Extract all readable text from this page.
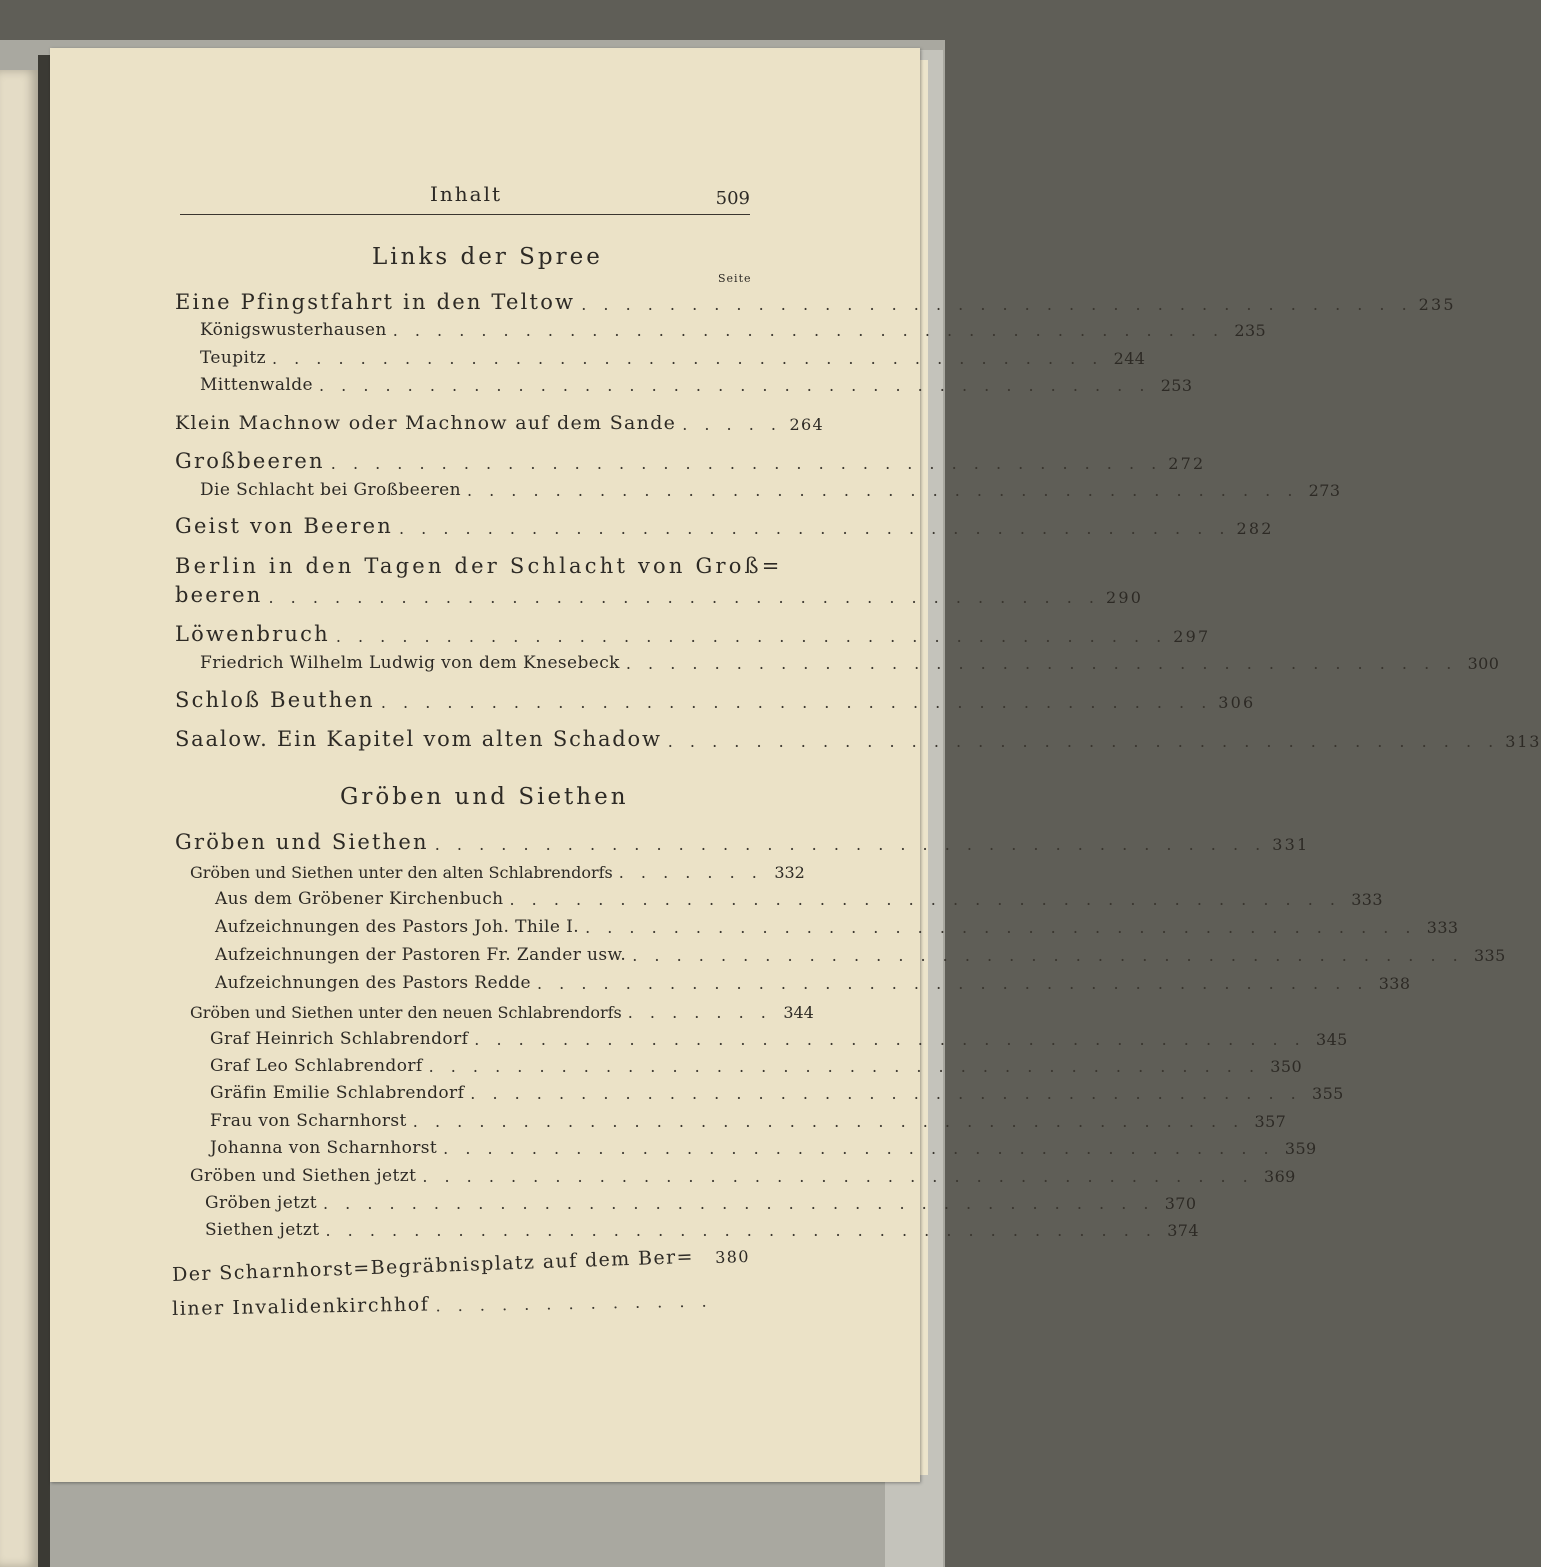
Inhalt	509
Links der Spree
Seite
Eine Pfingstfahrt in den Teltow . . . . . . . . . . . . . . . . . . . . . . . . . . . . . . . . . . . . . . 235
Königswusterhausen . . . . . . . . . . . . . . . . . . . . . . . . . . . . . . . . . . . . . . 235
Teupitz . . . . . . . . . . . . . . . . . . . . . . . . . . . . . . . . . . . . . . 244
Mittenwalde . . . . . . . . . . . . . . . . . . . . . . . . . . . . . . . . . . . . . . 253
Klein Machnow oder Machnow auf dem Sande . . . . . 264
Großbeeren . . . . . . . . . . . . . . . . . . . . . . . . . . . . . . . . . . . . . . 272
Die Schlacht bei Großbeeren . . . . . . . . . . . . . . . . . . . . . . . . . . . . . . . . . . . . . . 273
Geist von Beeren . . . . . . . . . . . . . . . . . . . . . . . . . . . . . . . . . . . . . . 282
Berlin in den Tagen der Schlacht von Groß=
beeren . . . . . . . . . . . . . . . . . . . . . . . . . . . . . . . . . . . . . . 290
Löwenbruch . . . . . . . . . . . . . . . . . . . . . . . . . . . . . . . . . . . . . . 297
Friedrich Wilhelm Ludwig von dem Knesebeck . . . . . . . . . . . . . . . . . . . . . . . . . . . . . . . . . . . . . . 300
Schloß Beuthen . . . . . . . . . . . . . . . . . . . . . . . . . . . . . . . . . . . . . . 306
Saalow. Ein Kapitel vom alten Schadow . . . . . . . . . . . . . . . . . . . . . . . . . . . . . . . . . . . . . . 313
Gröben und Siethen
Gröben und Siethen . . . . . . . . . . . . . . . . . . . . . . . . . . . . . . . . . . . . . . 331
Gröben und Siethen unter den alten Schlabrendorfs . . . . . . . 332
Aus dem Gröbener Kirchenbuch . . . . . . . . . . . . . . . . . . . . . . . . . . . . . . . . . . . . . . 333
Aufzeichnungen des Pastors Joh. Thile I. . . . . . . . . . . . . . . . . . . . . . . . . . . . . . . . . . . . . . . 333
Aufzeichnungen der Pastoren Fr. Zander usw. . . . . . . . . . . . . . . . . . . . . . . . . . . . . . . . . . . . . . . 335
Aufzeichnungen des Pastors Redde . . . . . . . . . . . . . . . . . . . . . . . . . . . . . . . . . . . . . . 338
Gröben und Siethen unter den neuen Schlabrendorfs . . . . . . . 344
Graf Heinrich Schlabrendorf . . . . . . . . . . . . . . . . . . . . . . . . . . . . . . . . . . . . . . 345
Graf Leo Schlabrendorf . . . . . . . . . . . . . . . . . . . . . . . . . . . . . . . . . . . . . . 350
Gräfin Emilie Schlabrendorf . . . . . . . . . . . . . . . . . . . . . . . . . . . . . . . . . . . . . . 355
Frau von Scharnhorst . . . . . . . . . . . . . . . . . . . . . . . . . . . . . . . . . . . . . . 357
Johanna von Scharnhorst . . . . . . . . . . . . . . . . . . . . . . . . . . . . . . . . . . . . . . 359
Gröben und Siethen jetzt . . . . . . . . . . . . . . . . . . . . . . . . . . . . . . . . . . . . . . 369
Gröben jetzt . . . . . . . . . . . . . . . . . . . . . . . . . . . . . . . . . . . . . . 370
Siethen jetzt . . . . . . . . . . . . . . . . . . . . . . . . . . . . . . . . . . . . . . 374
Der Scharnhorst=Begräbnisplatz auf dem Ber= 380
liner Invalidenkirchhof . . . . . . . . . . . . .
